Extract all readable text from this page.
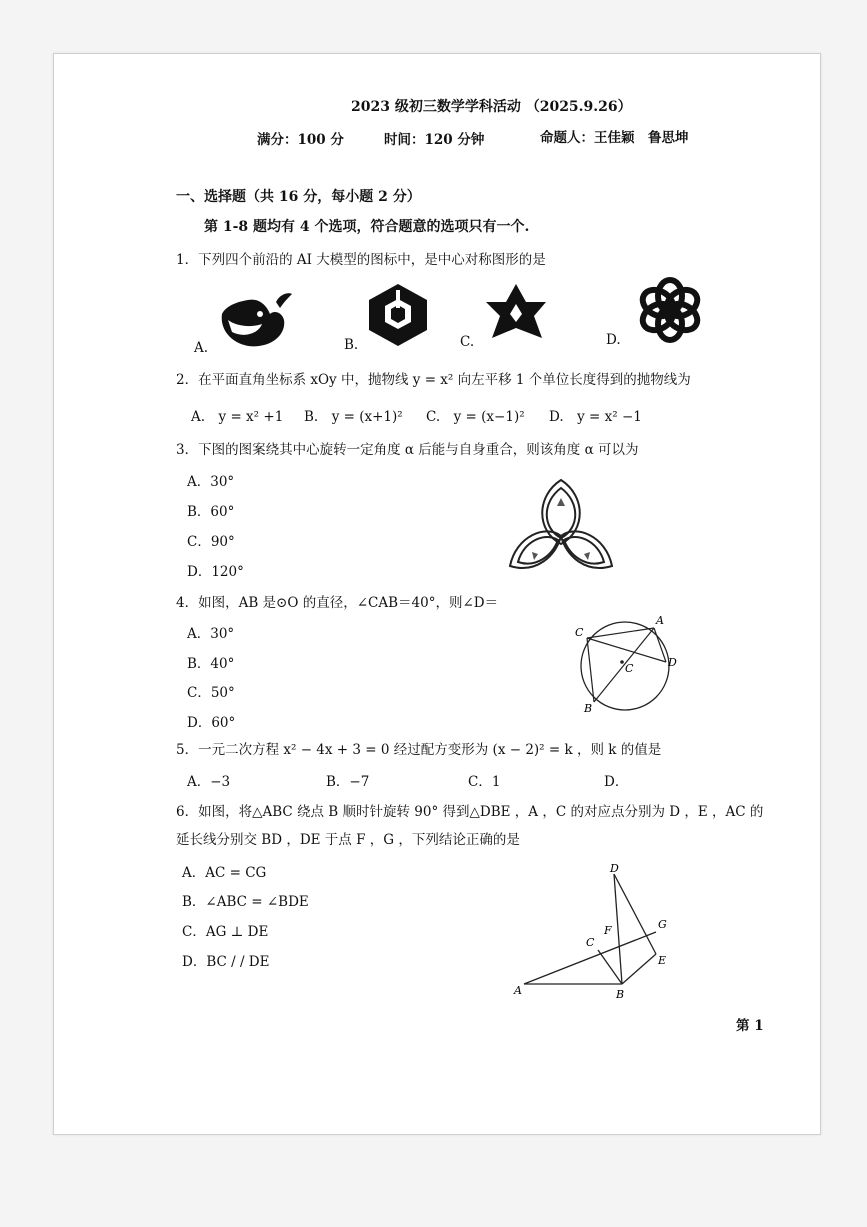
2023 级初三数学学科活动 （2025.9.26）
满分：100 分	时间：120 分钟	命题人：王佳颖　鲁思坤
一、选择题（共 16 分，每小题 2 分）
第 1-8 题均有 4 个选项，符合题意的选项只有一个.
1．下列四个前沿的 AI 大模型的图标中，是中心对称图形的是
A.	B.	C.	D.
2．在平面直角坐标系 xOy 中，抛物线 y = x² 向左平移 1 个单位长度得到的抛物线为
A.　y = x² +1 B.　y = (x+1)² C.　y = (x−1)² D.　y = x² −1
3．下图的图案绕其中心旋转一定角度 α 后能与自身重合，则该角度 α 可以为
A．30°
B．60°
C．90°
D．120°
4．如图，AB 是⊙O 的直径，∠CAB＝40°，则∠D＝
A．30°
B．40°
C．50°
D．60°
C
A
D
C
B
5．一元二次方程 x² − 4x + 3 = 0 经过配方变形为 (x − 2)² = k ，则 k 的值是
A．−3	B．−7	C．1	D．
6．如图，将△ABC 绕点 B 顺时针旋转 90° 得到△DBE ，A ，C 的对应点分别为 D ，E ，AC 的
延长线分别交 BD ，DE 于点 F ，G ，下列结论正确的是
A．AC = CG
B．∠ABC = ∠BDE
C．AG ⊥ DE
D．BC / / DE
D
G
F
C
E
A	B
第 1
